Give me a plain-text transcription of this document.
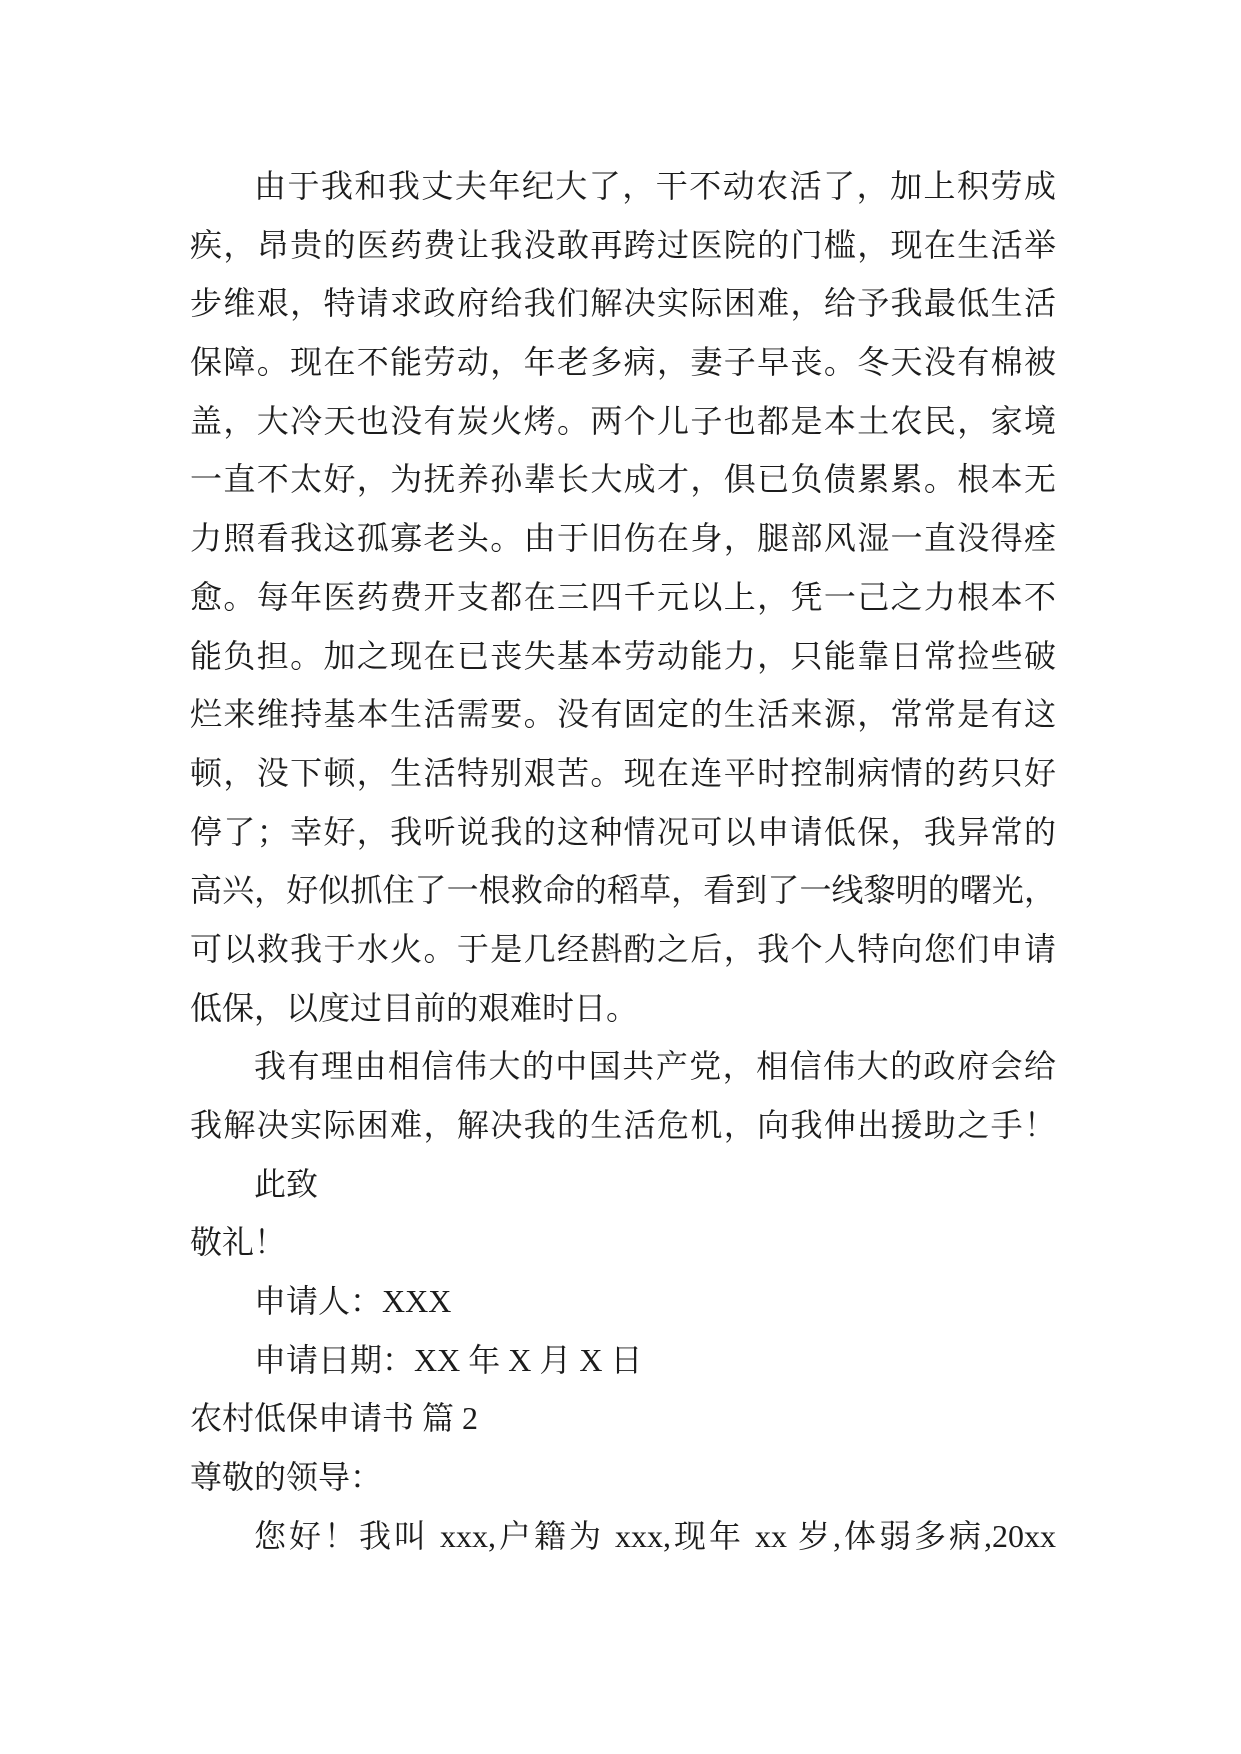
由于我和我丈夫年纪大了，干不动农活了，加上积劳成
疾，昂贵的医药费让我没敢再跨过医院的门槛，现在生活举
步维艰，特请求政府给我们解决实际困难，给予我最低生活
保障。现在不能劳动，年老多病，妻子早丧。冬天没有棉被
盖，大冷天也没有炭火烤。两个儿子也都是本土农民，家境
一直不太好，为抚养孙辈长大成才，俱已负债累累。根本无
力照看我这孤寡老头。由于旧伤在身，腿部风湿一直没得痊
愈。每年医药费开支都在三四千元以上，凭一己之力根本不
能负担。加之现在已丧失基本劳动能力，只能靠日常捡些破
烂来维持基本生活需要。没有固定的生活来源，常常是有这
顿，没下顿，生活特别艰苦。现在连平时控制病情的药只好
停了；幸好，我听说我的这种情况可以申请低保，我异常的
高兴，好似抓住了一根救命的稻草，看到了一线黎明的曙光，
可以救我于水火。于是几经斟酌之后，我个人特向您们申请
低保，以度过目前的艰难时日。
我有理由相信伟大的中国共产党，相信伟大的政府会给
我解决实际困难，解决我的生活危机，向我伸出援助之手！
此致
敬礼！
申请人：XXX
申请日期：XX 年 X 月 X 日
农村低保申请书 篇 2
尊敬的领导：
您好！我叫 xxx,户籍为 xxx,现年 xx 岁,体弱多病,20xx
